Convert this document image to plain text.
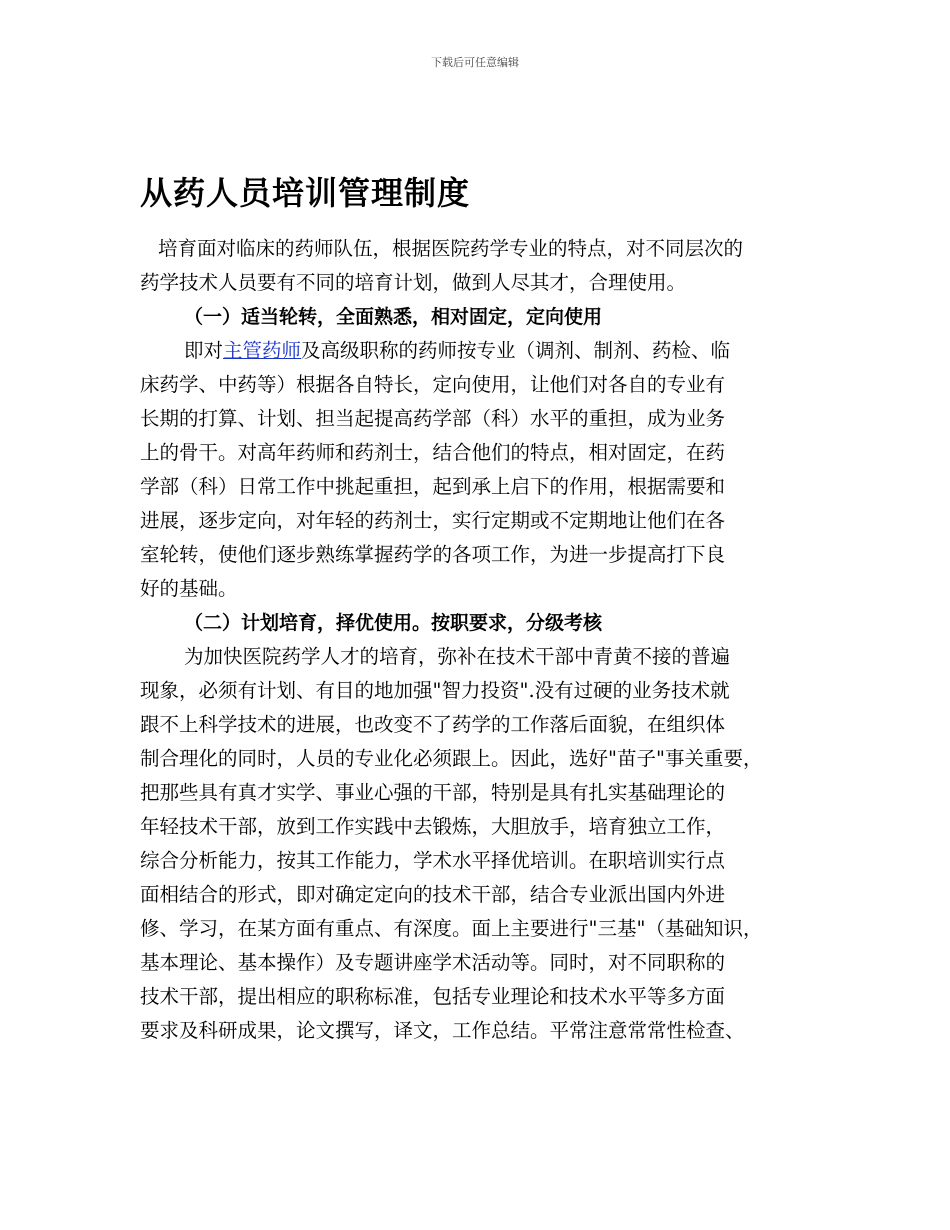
下载后可任意编辑
从药人员培训管理制度
培育面对临床的药师队伍，根据医院药学专业的特点，对不同层次的
药学技术人员要有不同的培育计划，做到人尽其才，合理使用。
（一）适当轮转，全面熟悉，相对固定，定向使用
即对主管药师及高级职称的药师按专业（调剂、制剂、药检、临
床药学、中药等）根据各自特长，定向使用，让他们对各自的专业有
长期的打算、计划、担当起提高药学部（科）水平的重担，成为业务
上的骨干。对高年药师和药剂士，结合他们的特点，相对固定，在药
学部（科）日常工作中挑起重担，起到承上启下的作用，根据需要和
进展，逐步定向，对年轻的药剂士，实行定期或不定期地让他们在各
室轮转，使他们逐步熟练掌握药学的各项工作，为进一步提高打下良
好的基础。
（二）计划培育，择优使用。按职要求，分级考核
为加快医院药学人才的培育，弥补在技术干部中青黄不接的普遍
现象，必须有计划、有目的地加强"智力投资".没有过硬的业务技术就
跟不上科学技术的进展，也改变不了药学的工作落后面貌，在组织体
制合理化的同时，人员的专业化必须跟上。因此，选好"苗子"事关重要，
把那些具有真才实学、事业心强的干部，特别是具有扎实基础理论的
年轻技术干部，放到工作实践中去锻炼，大胆放手，培育独立工作，
综合分析能力，按其工作能力，学术水平择优培训。在职培训实行点
面相结合的形式，即对确定定向的技术干部，结合专业派出国内外进
修、学习，在某方面有重点、有深度。面上主要进行"三基"（基础知识，
基本理论、基本操作）及专题讲座学术活动等。同时，对不同职称的
技术干部，提出相应的职称标准，包括专业理论和技术水平等多方面
要求及科研成果，论文撰写，译文，工作总结。平常注意常常性检查、
